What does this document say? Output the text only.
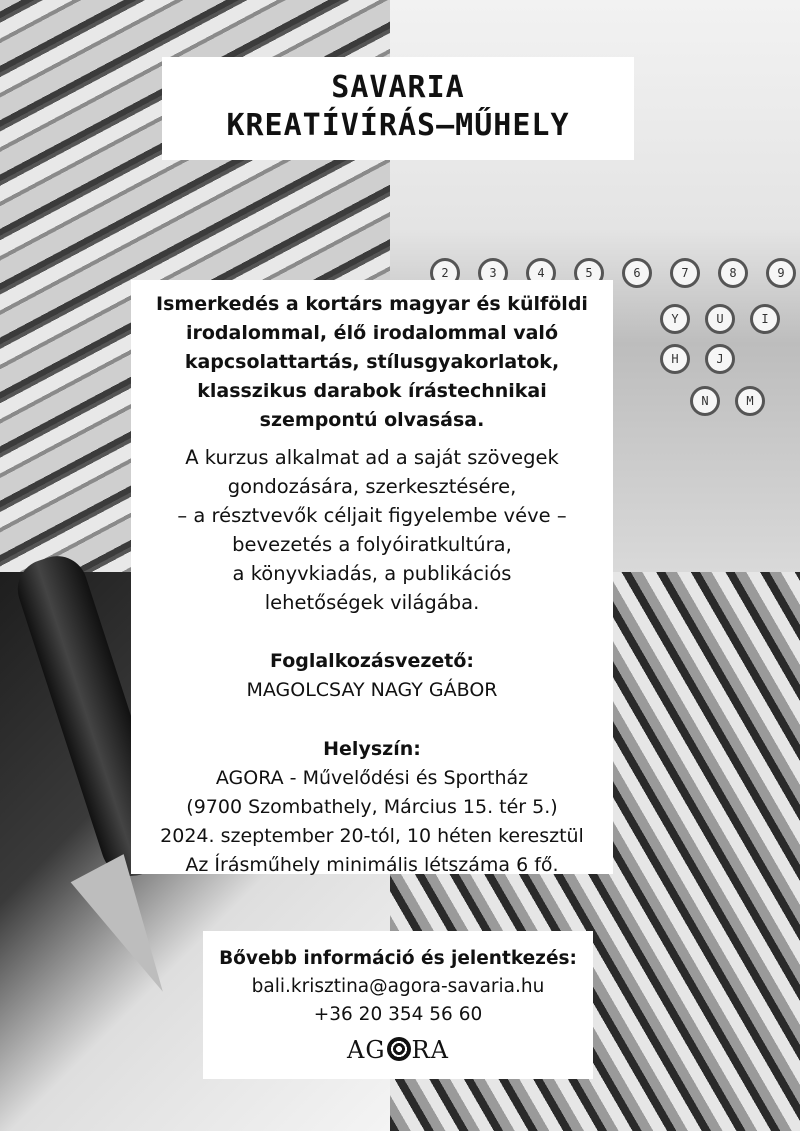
2	3	4	5	6	7	8	9
Y	U	I
H	J
N	M

SAVARIA

KREATÍVÍRÁS–MŰHELY

Ismerkedés a kortárs magyar és külföldi
irodalommal, élő irodalommal való
kapcsolattartás, stílusgyakorlatok,
klasszikus darabok írástechnikai
szempontú olvasása.

A kurzus alkalmat ad a saját szövegek
gondozására, szerkesztésére,
– a résztvevők céljait figyelembe véve –
bevezetés a folyóiratkultúra,
a könyvkiadás, a publikációs
lehetőségek világába.

Foglalkozásvezető:

MAGOLCSAY NAGY GÁBOR

Helyszín:

AGORA - Művelődési és Sportház

(9700 Szombathely, Március 15. tér 5.)

2024. szeptember 20-tól, 10 héten keresztül

Az Írásműhely minimális létszáma 6 fő.

Bővebb információ és jelentkezés:

bali.krisztina@agora-savaria.hu

+36 20 354 56 60

AG RA
